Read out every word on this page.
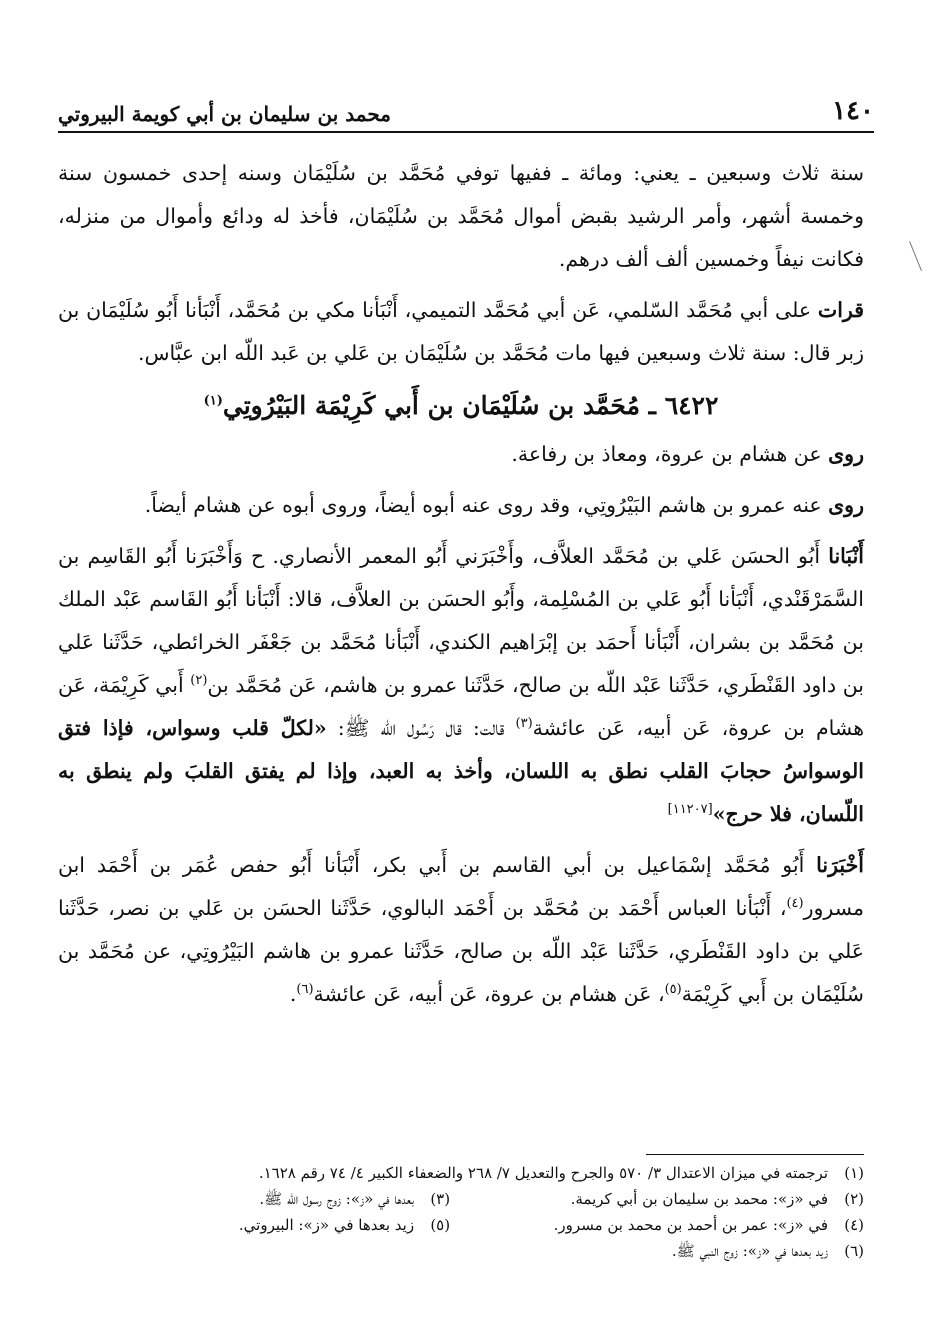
١٤٠
محمد بن سليمان بن أبي كويمة البيروتي

سنة ثلاث وسبعين ـ يعني: ومائة ـ ففيها توفي مُحَمَّد بن سُلَيْمَان وسنه إحدى خمسون سنة وخمسة أشهر، وأمر الرشيد بقبض أموال مُحَمَّد بن سُلَيْمَان، فأخذ له ودائع وأموال من منزله، فكانت نيفاً وخمسين ألف ألف درهم.

قرات على أبي مُحَمَّد السّلمي، عَن أبي مُحَمَّد التميمي، أَنْبَأنا مكي بن مُحَمَّد، أَنْبَأنا أَبُو سُلَيْمَان بن زبر قال: سنة ثلاث وسبعين فيها مات مُحَمَّد بن سُلَيْمَان بن عَلي بن عَبد اللّه ابن عبَّاس.

٦٤٢٢ ـ مُحَمَّد بن سُلَيْمَان بن أَبي كَرِيْمَة البَيْرُوتِي$^{(١)}$

روى عن هشام بن عروة، ومعاذ بن رفاعة.

روى عنه عمرو بن هاشم البَيْرُوتِي، وقد روى عنه أبوه أيضاً، وروى أبوه عن هشام أيضاً.

أَنْبَانا أَبُو الحسَن عَلي بن مُحَمَّد العلاَّف، وأَخْبَرَني أَبُو المعمر الأنصاري. ح وَأَخْبَرَنا أَبُو القَاسِم بن السَّمَرْقَنْدي، أَنْبَأنا أَبُو عَلي بن المُسْلِمة، وأَبُو الحسَن بن العلاَّف، قالا: أَنْبَأنا أَبُو القَاسم عَبْد الملك بن مُحَمَّد بن بشران، أَنْبَأنا أَحمَد بن إبْرَاهيم الكندي، أَنْبَأنا مُحَمَّد بن جَعْفَر الخرائطي، حَدَّثَنا عَلي بن داود القَنْطَري، حَدَّثَنا عَبْد اللّه بن صالح، حَدَّثَنا عمرو بن هاشم، عَن مُحَمَّد بن$^{(٢)}$ أَبي كَرِيْمَة، عَن هشام بن عروة، عَن أبيه، عَن عائشة$^{(٣)}$ قالت: قال رَسُول اللّه ﷺ: «لكلّ قلب وسواس، فإذا فتق الوسواسُ حجابَ القلب نطق به اللسان، وأخذ به العبد، وإذا لم يفتق القلبَ ولم ينطق به اللّسان، فلا حرج»[١١٢٠٧]

أَخْبَرَنا أَبُو مُحَمَّد إسْمَاعيل بن أبي القاسم بن أَبي بكر، أَنْبَأنا أَبُو حفص عُمَر بن أَحْمَد ابن مسرور$^{(٤)}$، أَنْبَأنا العباس أَحْمَد بن مُحَمَّد بن أَحْمَد البالوي، حَدَّثَنا الحسَن بن عَلي بن نصر، حَدَّثَنا عَلي بن داود القَنْطَري، حَدَّثَنا عَبْد اللّه بن صالح، حَدَّثَنا عمرو بن هاشم البَيْرُوتِي، عن مُحَمَّد بن سُلَيْمَان بن أَبي كَرِيْمَة$^{(٥)}$، عَن هشام بن عروة، عَن أبيه، عَن عائشة$^{(٦)}$.

(١)
ترجمته في ميزان الاعتدال ٣/ ٥٧٠ والجرح والتعديل ٧/ ٢٦٨ والضعفاء الكبير ٤/ ٧٤ رقم ١٦٢٨.
(٢)
في «ز»: محمد بن سليمان بن أبي كريمة.
(٣)
بعدها في «ز»: زوج رسول اللّه ﷺ.
(٤)
في «ز»: عمر بن أحمد بن محمد بن مسرور.
(٥)
زيد بعدها في «ز»: البيروتي.
(٦)
زيد بعدها في «ز»: زوج النبي ﷺ.
